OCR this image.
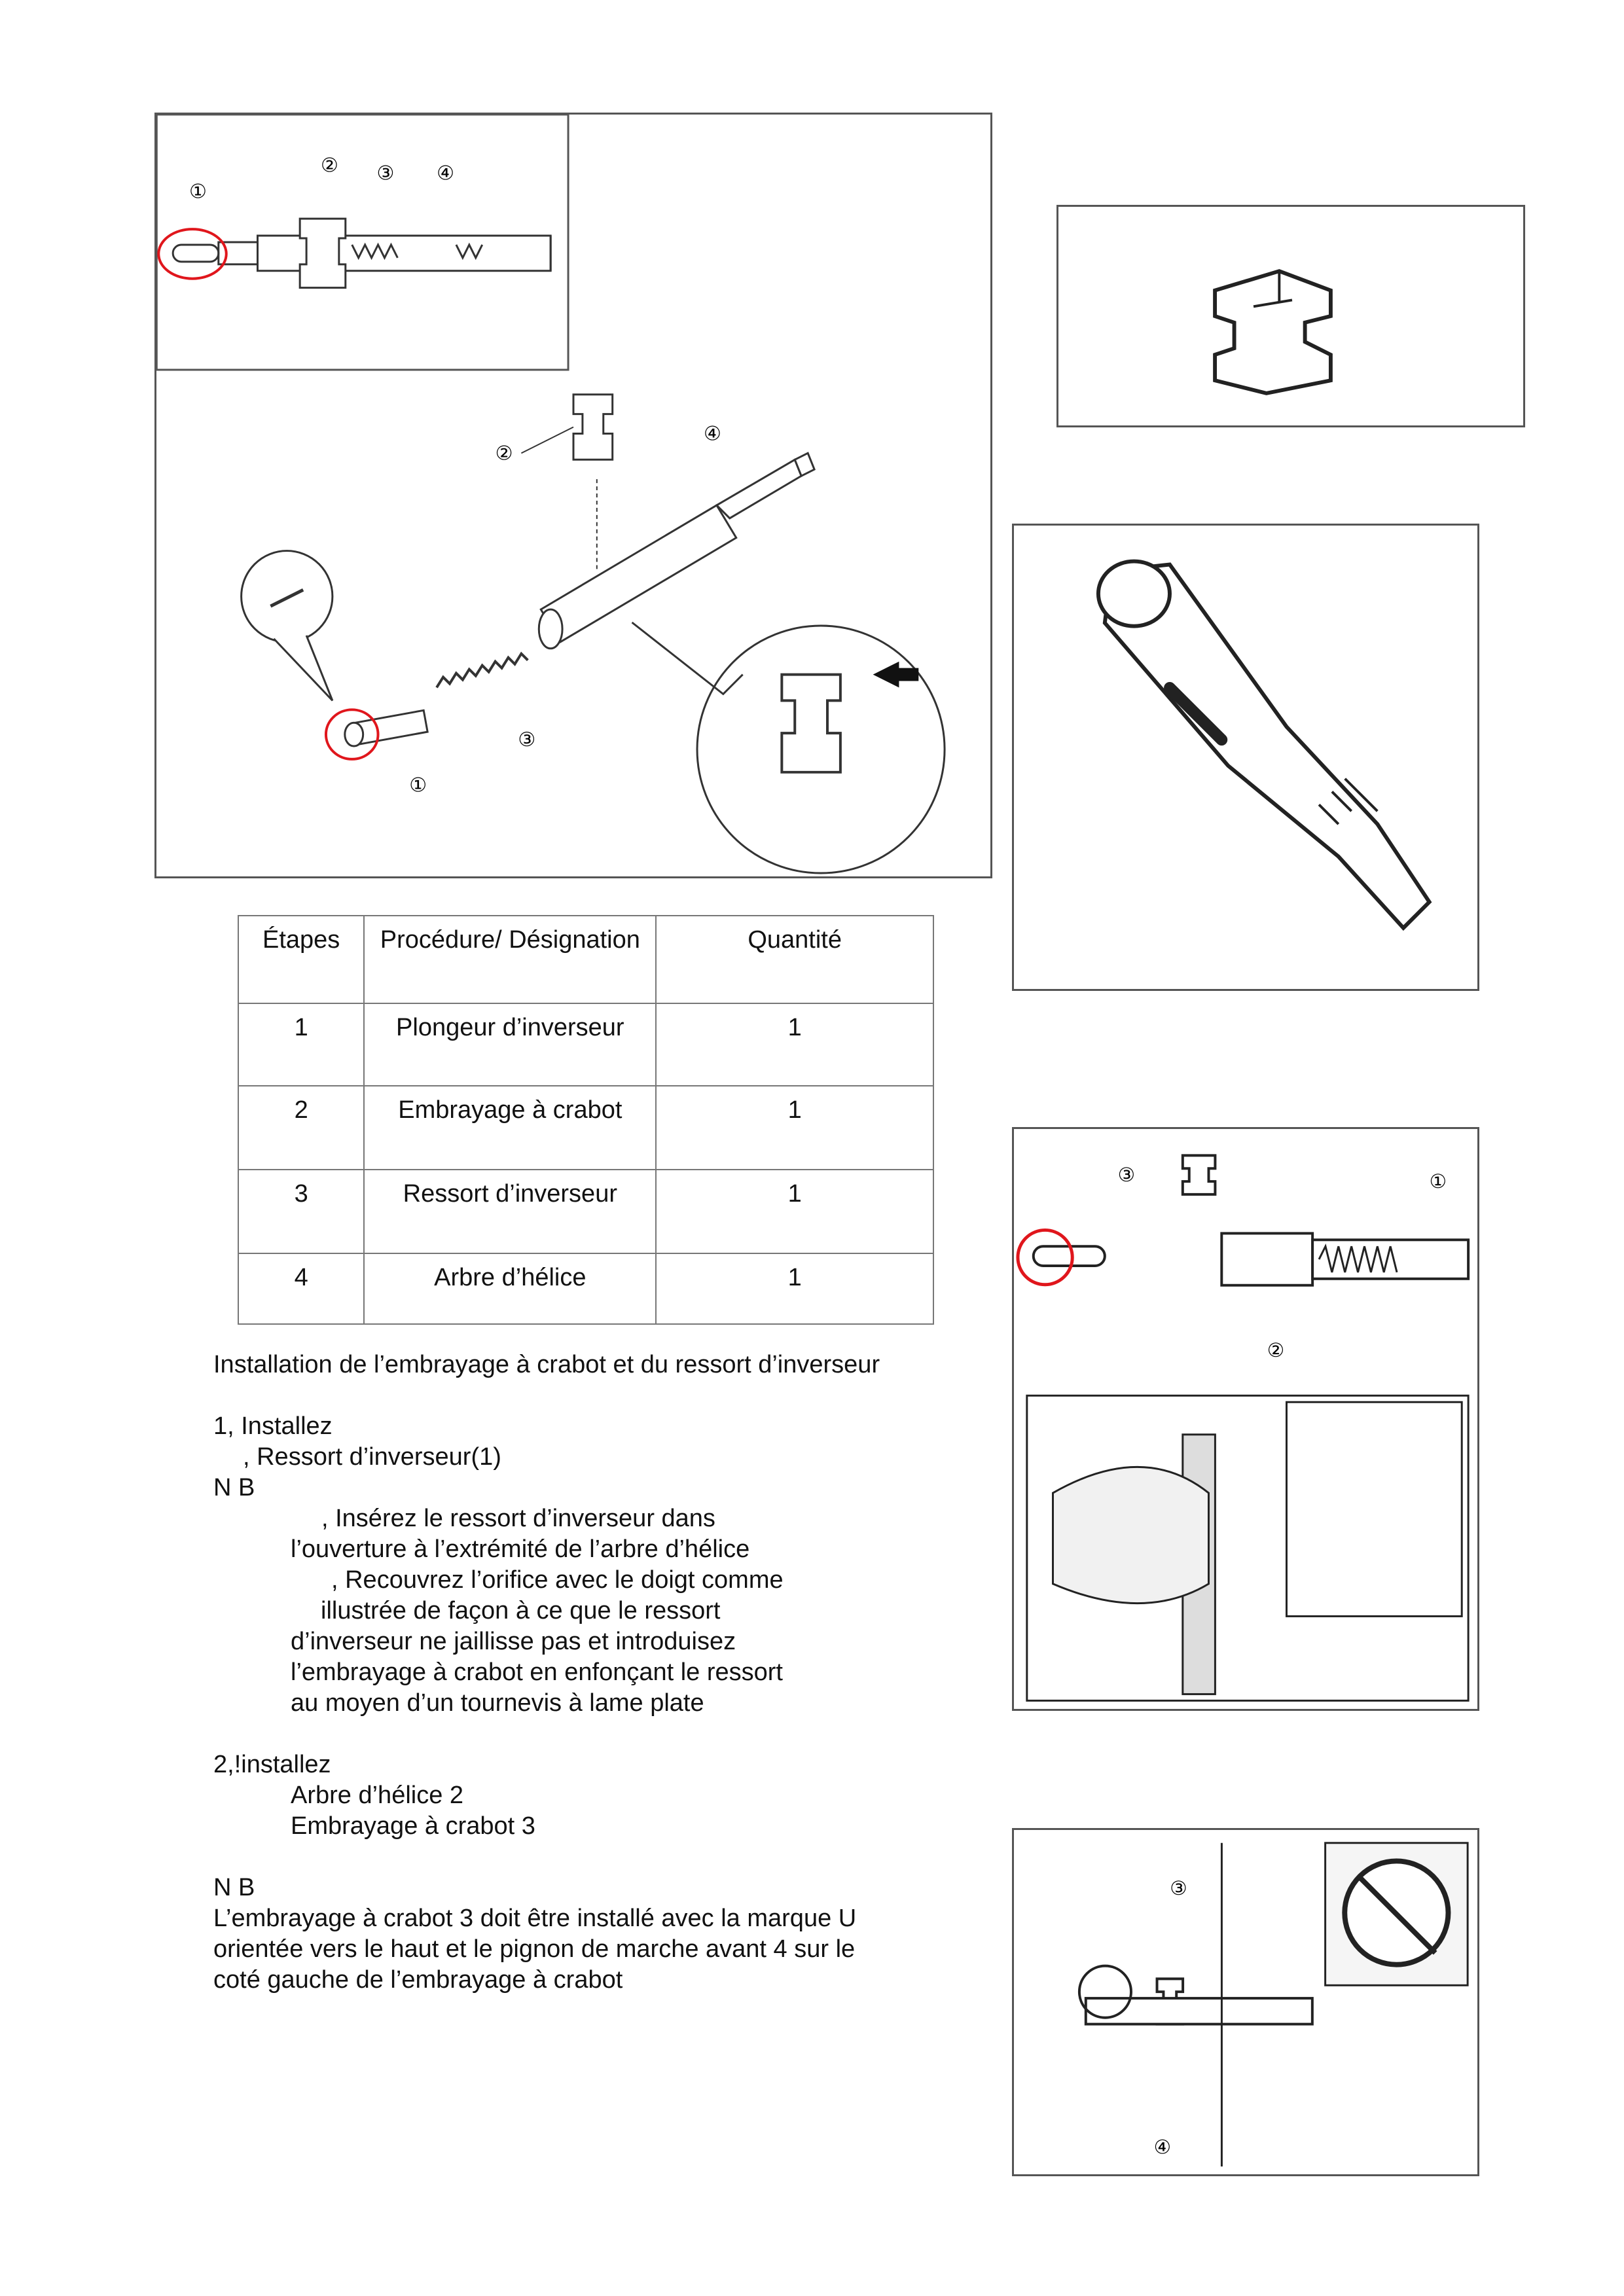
①
② ③ ④
②
④
③
①
③	①
②
③
④
Étapes	Procédure/ Désignation	Quantité
1	Plongeur d’inverseur	1
2	Embrayage à crabot	1
3	Ressort d’inverseur	1
4	Arbre d’hélice	1

Installation de l’embrayage à crabot et du ressort d’inverseur

1, Installez

, Ressort d’inverseur(1)

N B

, Insérez le ressort d’inverseur dans

l’ouverture à l’extrémité de l’arbre d’hélice

, Recouvrez l’orifice avec le doigt comme

illustrée de façon à ce que le ressort

d’inverseur ne jaillisse pas et introduisez

l’embrayage à crabot en enfonçant le ressort

au moyen d’un tournevis à lame plate

2,!installez

Arbre d’hélice 2

Embrayage à crabot 3

N B

L’embrayage à crabot 3 doit être installé avec la marque U orientée vers le haut et le pignon de marche avant 4 sur le coté gauche de l’embrayage à crabot
